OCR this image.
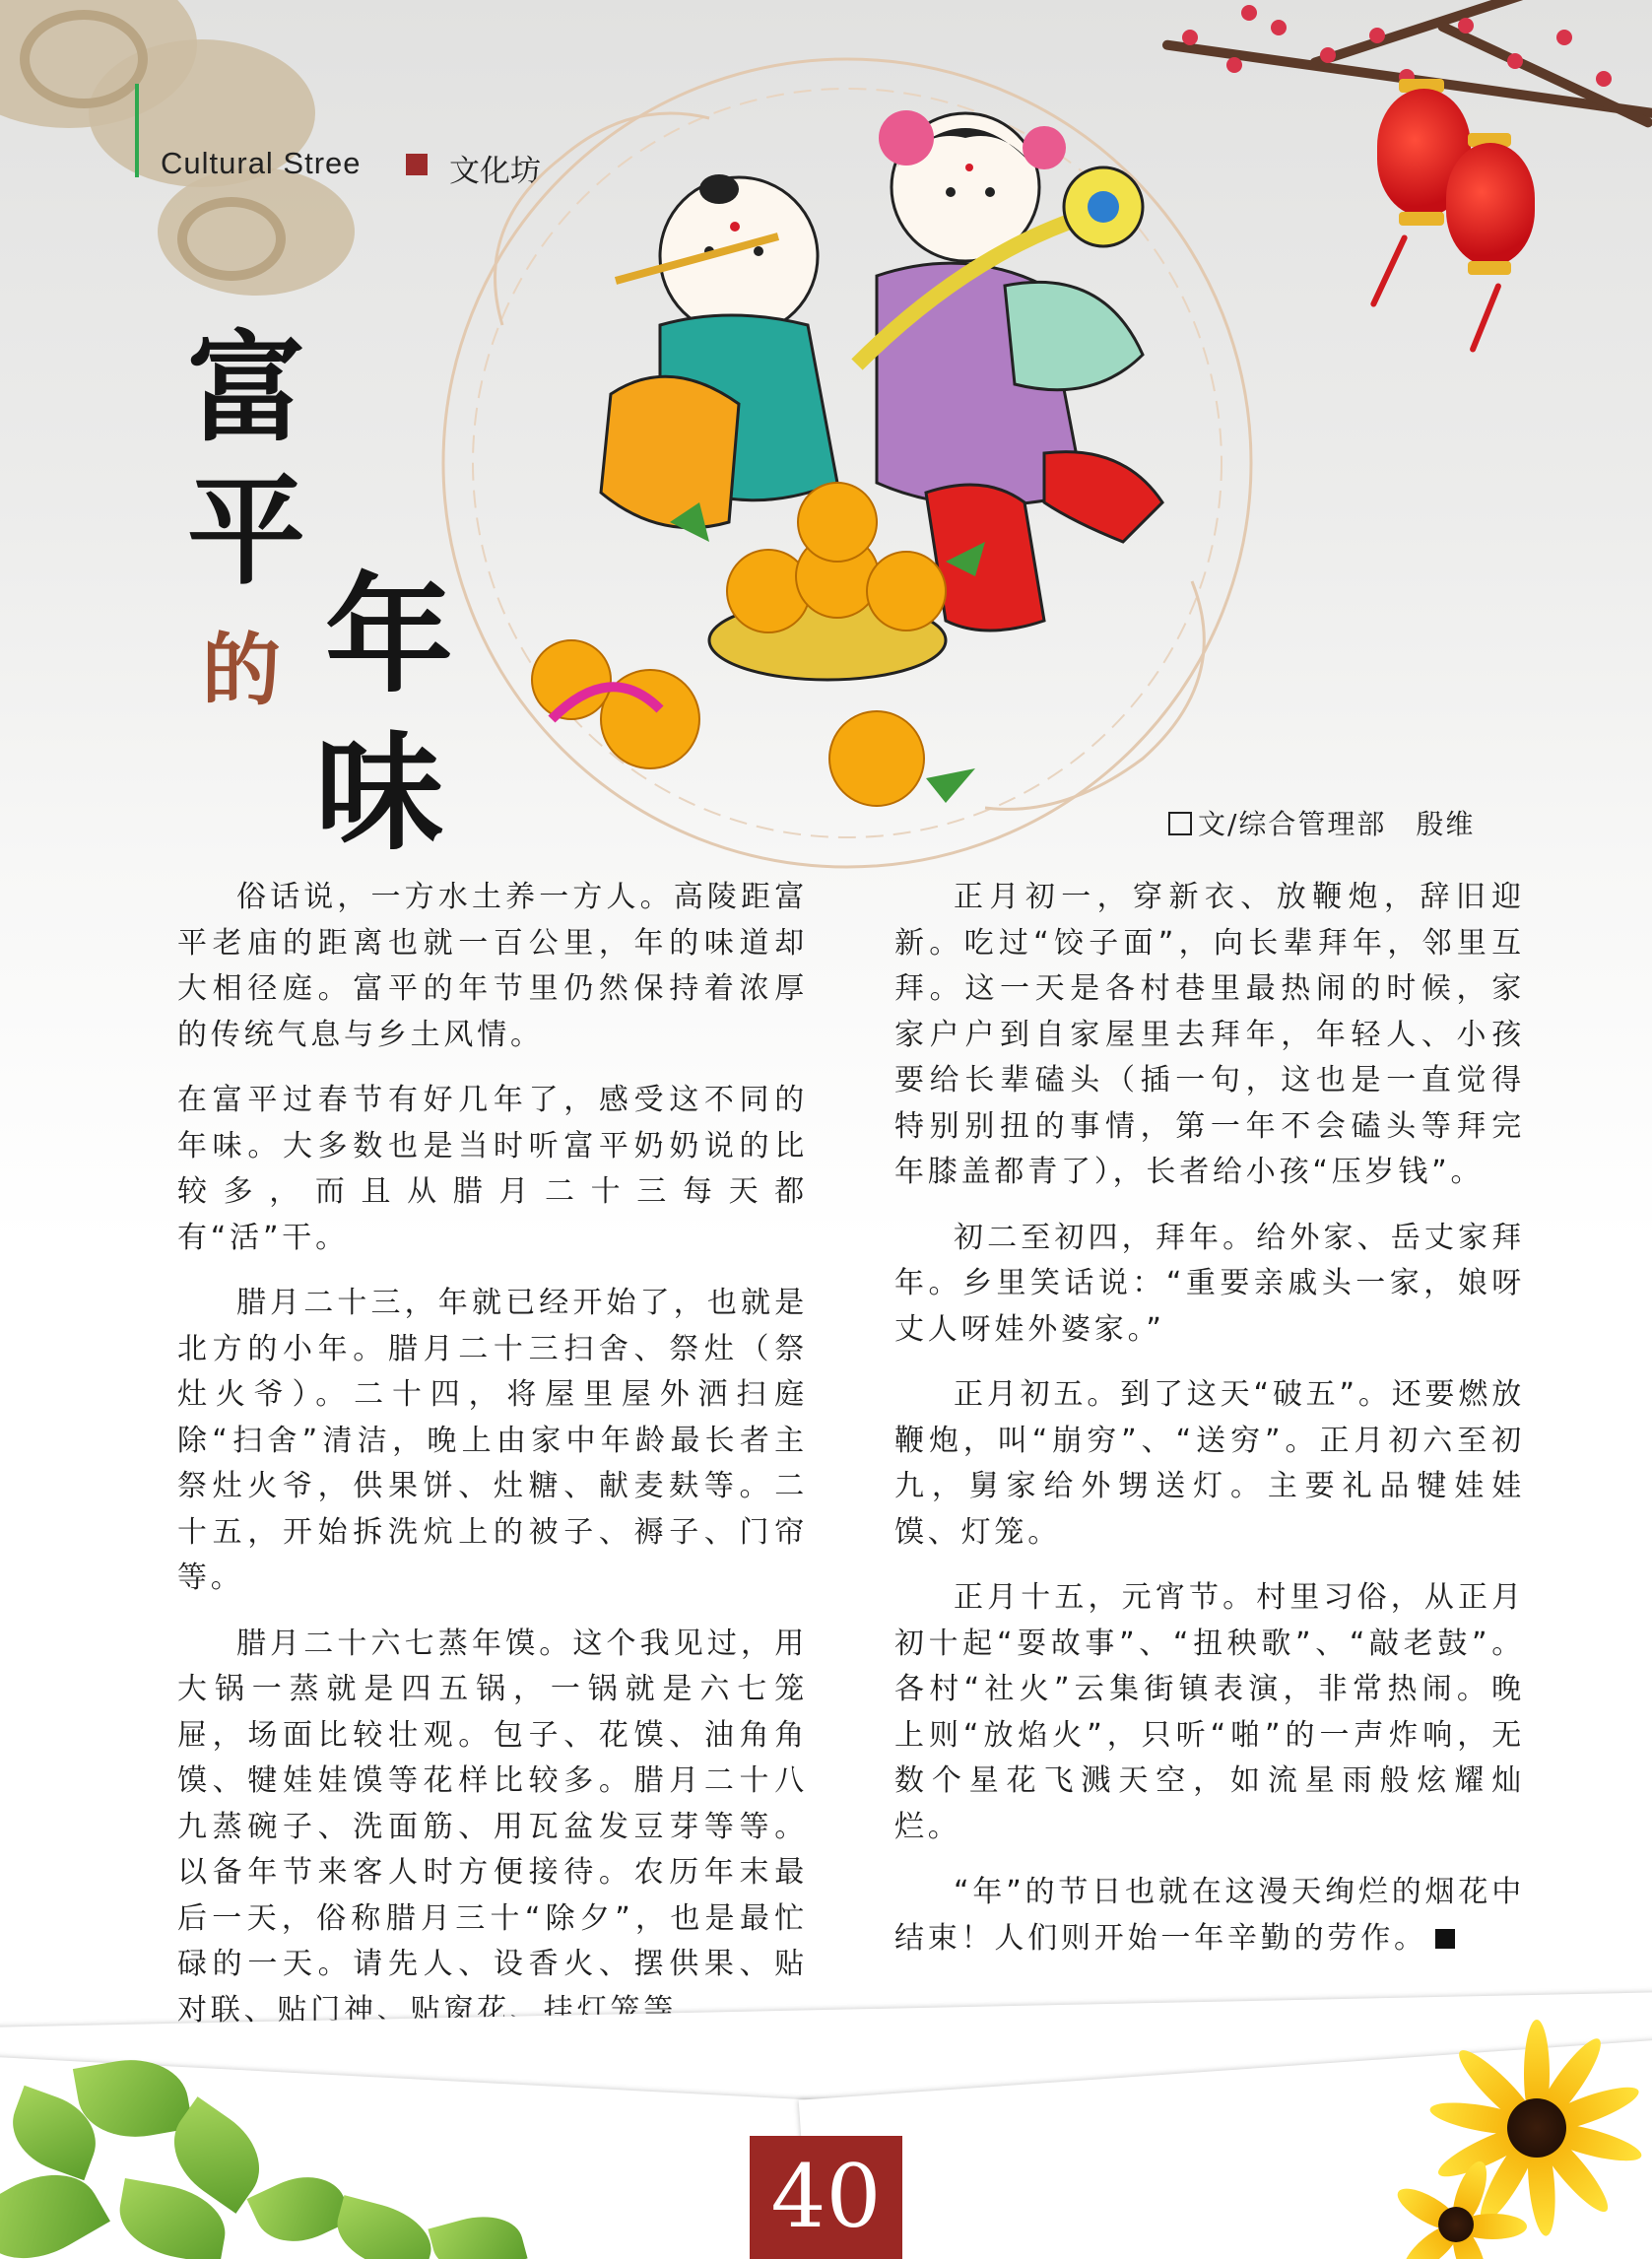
Cultural Stree	文化坊
富
平
的 年
味	文/综合管理部　殷维

俗话说，一方水土养一方人。高陵距富平老庙的距离也就一百公里，年的味道却大相径庭。富平的年节里仍然保持着浓厚的传统气息与乡土风情。

在富平过春节有好几年了，感受这不同的年味。大多数也是当时听富平奶奶说的比较多，而且从腊月二十三每天都有“活”干。

腊月二十三，年就已经开始了，也就是北方的小年。腊月二十三扫舍、祭灶（祭灶火爷）。二十四，将屋里屋外洒扫庭除“扫舍”清洁，晚上由家中年龄最长者主祭灶火爷，供果饼、灶糖、献麦麸等。二十五，开始拆洗炕上的被子、褥子、门帘等。

腊月二十六七蒸年馍。这个我见过，用大锅一蒸就是四五锅，一锅就是六七笼屉，场面比较壮观。包子、花馍、油角角馍、犍娃娃馍等花样比较多。腊月二十八九蒸碗子、洗面筋、用瓦盆发豆芽等等。以备年节来客人时方便接待。农历年末最后一天，俗称腊月三十“除夕”，也是最忙碌的一天。请先人、设香火、摆供果、贴对联、贴门神、贴窗花、挂灯笼等。

正月初一，穿新衣、放鞭炮，辞旧迎新。吃过“饺子面”，向长辈拜年，邻里互拜。这一天是各村巷里最热闹的时候，家家户户到自家屋里去拜年，年轻人、小孩要给长辈磕头（插一句，这也是一直觉得特别别扭的事情，第一年不会磕头等拜完年膝盖都青了），长者给小孩“压岁钱”。

初二至初四，拜年。给外家、岳丈家拜年。乡里笑话说：“重要亲戚头一家，娘呀丈人呀娃外婆家。”

正月初五。到了这天“破五”。还要燃放鞭炮，叫“崩穷”、“送穷”。正月初六至初九，舅家给外甥送灯。主要礼品犍娃娃馍、灯笼。

正月十五，元宵节。村里习俗，从正月初十起“耍故事”、“扭秧歌”、“敲老鼓”。各村“社火”云集街镇表演，非常热闹。晚上则“放焰火”，只听“啪”的一声炸响，无数个星花飞溅天空，如流星雨般炫耀灿烂。

“年”的节日也就在这漫天绚烂的烟花中结束！人们则开始一年辛勤的劳作。

40
